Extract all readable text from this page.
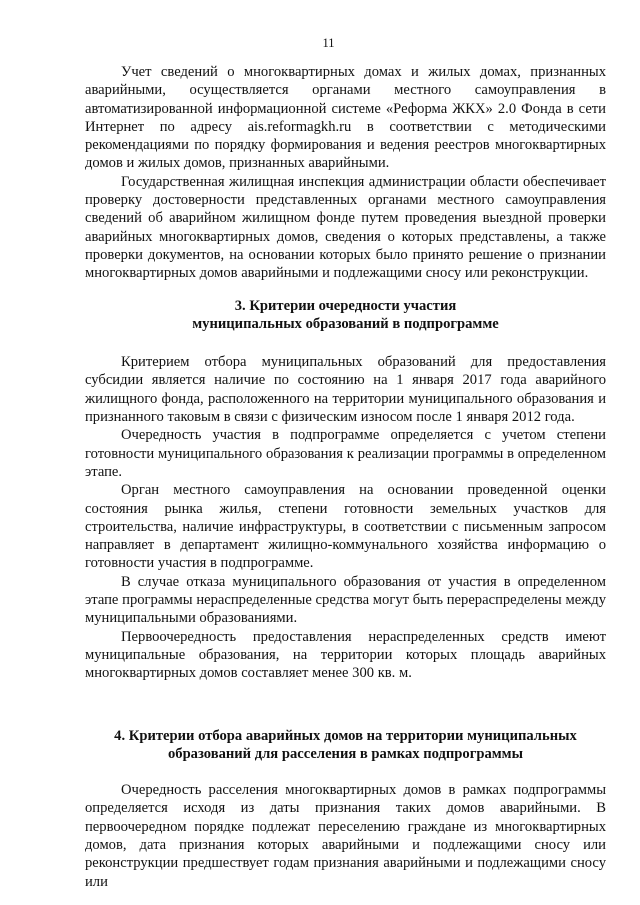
11

Учет сведений о многоквартирных домах и жилых домах, признанных аварийными, осуществляется органами местного самоуправления в автоматизированной информационной системе «Реформа ЖКХ» 2.0 Фонда в сети Интернет по адресу ais.reformagkh.ru в соответствии с методическими рекомендациями по порядку формирования и ведения реестров многоквартирных домов и жилых домов, признанных аварийными.

Государственная жилищная инспекция администрации области обеспечивает проверку достоверности представленных органами местного самоуправления сведений об аварийном жилищном фонде путем проведения выездной проверки аварийных многоквартирных домов, сведения о которых представлены, а также проверки документов, на основании которых было принято решение о признании многоквартирных домов аварийными и подлежащими сносу или реконструкции.

3. Критерии очередности участия

муниципальных образований в подпрограмме

Критерием отбора муниципальных образований для предоставления субсидии является наличие по состоянию на 1 января 2017 года аварийного жилищного фонда, расположенного на территории муниципального образования и признанного таковым в связи с физическим износом после 1 января 2012 года.

Очередность участия в подпрограмме определяется с учетом степени готовности муниципального образования к реализации программы в определенном этапе.

Орган местного самоуправления на основании проведенной оценки состояния рынка жилья, степени готовности земельных участков для строительства, наличие инфраструктуры, в соответствии с письменным запросом направляет в департамент жилищно-коммунального хозяйства информацию о готовности участия в подпрограмме.

В случае отказа муниципального образования от участия в определенном этапе программы нераспределенные средства могут быть перераспределены между муниципальными образованиями.

Первоочередность предоставления нераспределенных средств имеют муниципальные образования, на территории которых площадь аварийных многоквартирных домов составляет менее 300 кв. м.

4. Критерии отбора аварийных домов на территории муниципальных

образований для расселения в рамках подпрограммы

Очередность расселения многоквартирных домов в рамках подпрограммы определяется исходя из даты признания таких домов аварийными. В первоочередном порядке подлежат переселению граждане из многоквартирных домов, дата признания которых аварийными и подлежащими сносу или реконструкции предшествует годам признания аварийными и подлежащими сносу или
